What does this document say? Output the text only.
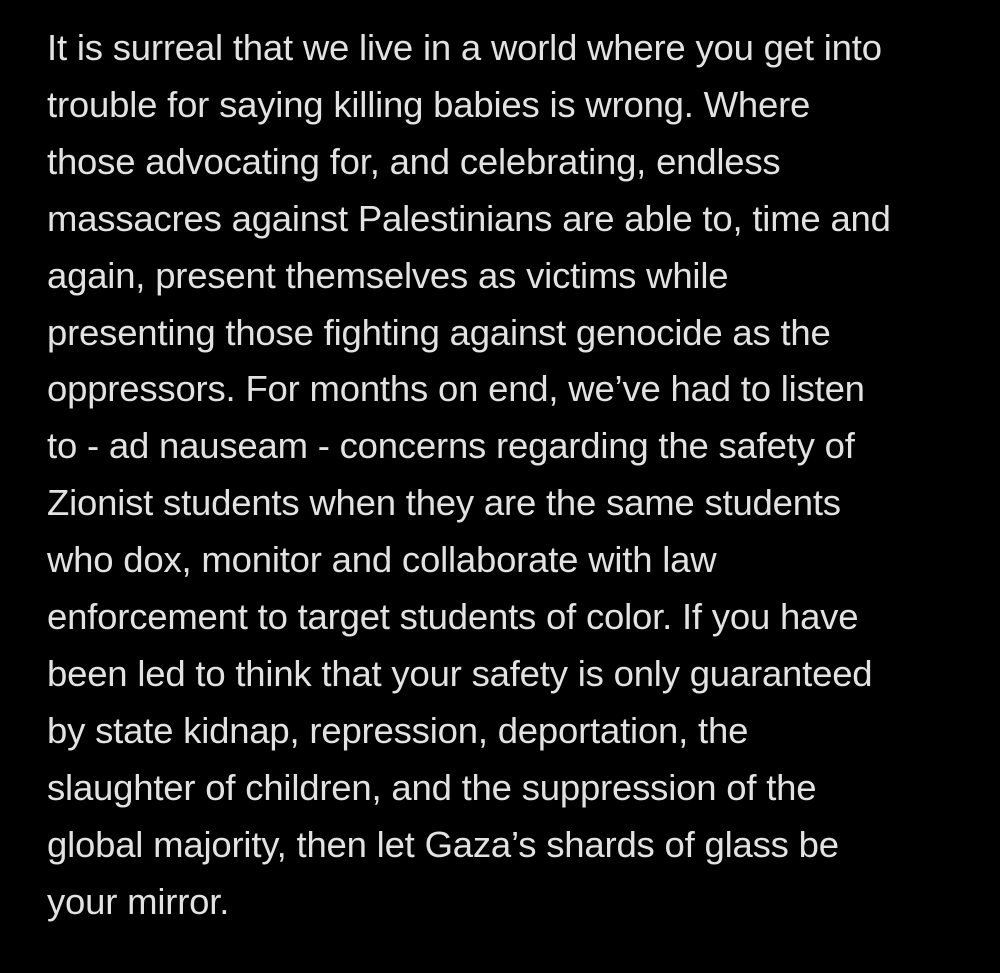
It is surreal that we live in a world where you get into
trouble for saying killing babies is wrong. Where
those advocating for, and celebrating, endless
massacres against Palestinians are able to, time and
again, present themselves as victims while
presenting those fighting against genocide as the
oppressors. For months on end, we’ve had to listen
to - ad nauseam - concerns regarding the safety of
Zionist students when they are the same students
who dox, monitor and collaborate with law
enforcement to target students of color. If you have
been led to think that your safety is only guaranteed
by state kidnap, repression, deportation, the
slaughter of children, and the suppression of the
global majority, then let Gaza’s shards of glass be
your mirror.
